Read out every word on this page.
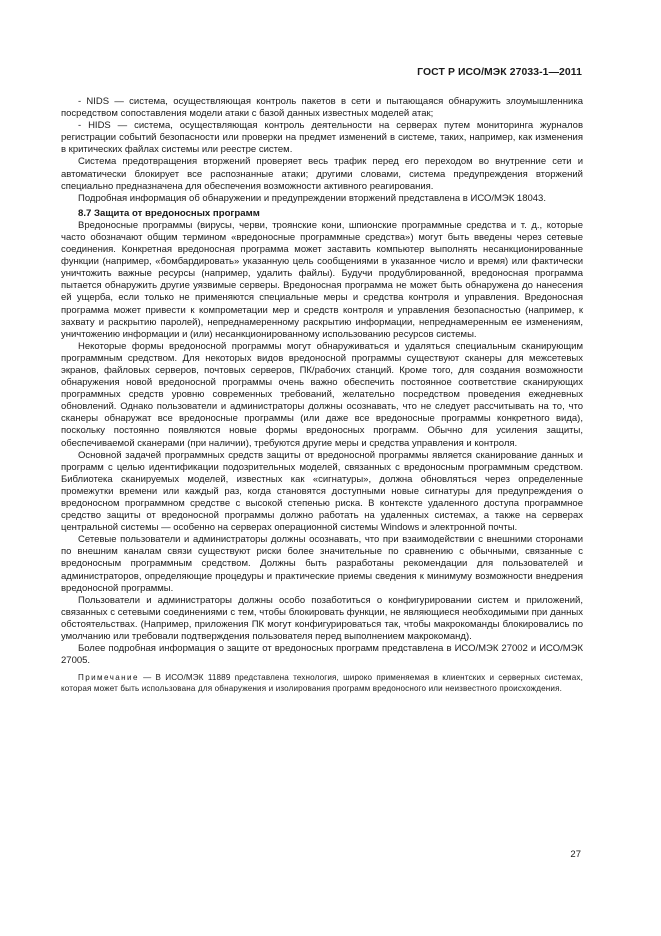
ГОСТ Р ИСО/МЭК 27033-1—2011

- NIDS — система, осуществляющая контроль пакетов в сети и пытающаяся обнаружить злоумышленника посредством сопоставления модели атаки с базой данных известных моделей атак;

- HIDS — система, осуществляющая контроль деятельности на серверах путем мониторинга журналов регистрации событий безопасности или проверки на предмет изменений в системе, таких, например, как изменения в критических файлах системы или реестре систем.

Система предотвращения вторжений проверяет весь трафик перед его переходом во внутренние сети и автоматически блокирует все распознанные атаки; другими словами, система предупреждения вторжений специально предназначена для обеспечения возможности активного реагирования.

Подробная информация об обнаружении и предупреждении вторжений представлена в ИСО/МЭК 18043.

8.7 Защита от вредоносных программ

Вредоносные программы (вирусы, черви, троянские кони, шпионские программные средства и т. д., которые часто обозначают общим термином «вредоносные программные средства») могут быть введены через сетевые соединения. Конкретная вредоносная программа может заставить компьютер выполнять несанкционированные функции (например, «бомбардировать» указанную цель сообщениями в указанное число и время) или фактически уничтожить важные ресурсы (например, удалить файлы). Будучи продублированной, вредоносная программа пытается обнаружить другие уязвимые серверы. Вредоносная программа не может быть обнаружена до нанесения ей ущерба, если только не применяются специальные меры и средства контроля и управления. Вредоносная программа может привести к компрометации мер и средств контроля и управления безопасностью (например, к захвату и раскрытию паролей), непреднамеренному раскрытию информации, непреднамеренным ее изменениям, уничтожению информации и (или) несанкционированному использованию ресурсов системы.

Некоторые формы вредоносной программы могут обнаруживаться и удаляться специальным сканирующим программным средством. Для некоторых видов вредоносной программы существуют сканеры для межсетевых экранов, файловых серверов, почтовых серверов, ПК/рабочих станций. Кроме того, для создания возможности обнаружения новой вредоносной программы очень важно обеспечить постоянное соответствие сканирующих программных средств уровню современных требований, желательно посредством проведения ежедневных обновлений. Однако пользователи и администраторы должны осознавать, что не следует рассчитывать на то, что сканеры обнаружат все вредоносные программы (или даже все вредоносные программы конкретного вида), поскольку постоянно появляются новые формы вредоносных программ. Обычно для усиления защиты, обеспечиваемой сканерами (при наличии), требуются другие меры и средства управления и контроля.

Основной задачей программных средств защиты от вредоносной программы является сканирование данных и программ с целью идентификации подозрительных моделей, связанных с вредоносным программным средством. Библиотека сканируемых моделей, известных как «сигнатуры», должна обновляться через определенные промежутки времени или каждый раз, когда становятся доступными новые сигнатуры для предупреждения о вредоносном программном средстве с высокой степенью риска. В контексте удаленного доступа программное средство защиты от вредоносной программы должно работать на удаленных системах, а также на серверах центральной системы — особенно на серверах операционной системы Windows и электронной почты.

Сетевые пользователи и администраторы должны осознавать, что при взаимодействии с внешними сторонами по внешним каналам связи существуют риски более значительные по сравнению с обычными, связанные с вредоносным программным средством. Должны быть разработаны рекомендации для пользователей и администраторов, определяющие процедуры и практические приемы сведения к минимуму возможности внедрения вредоносной программы.

Пользователи и администраторы должны особо позаботиться о конфигурировании систем и приложений, связанных с сетевыми соединениями с тем, чтобы блокировать функции, не являющиеся необходимыми при данных обстоятельствах. (Например, приложения ПК могут конфигурироваться так, чтобы макрокоманды блокировались по умолчанию или требовали подтверждения пользователя перед выполнением макрокоманд).

Более подробная информация о защите от вредоносных программ представлена в ИСО/МЭК 27002 и ИСО/МЭК 27005.

Примечание — В ИСО/МЭК 11889 представлена технология, широко применяемая в клиентских и серверных системах, которая может быть использована для обнаружения и изолирования программ вредоносного или неизвестного происхождения.

27
